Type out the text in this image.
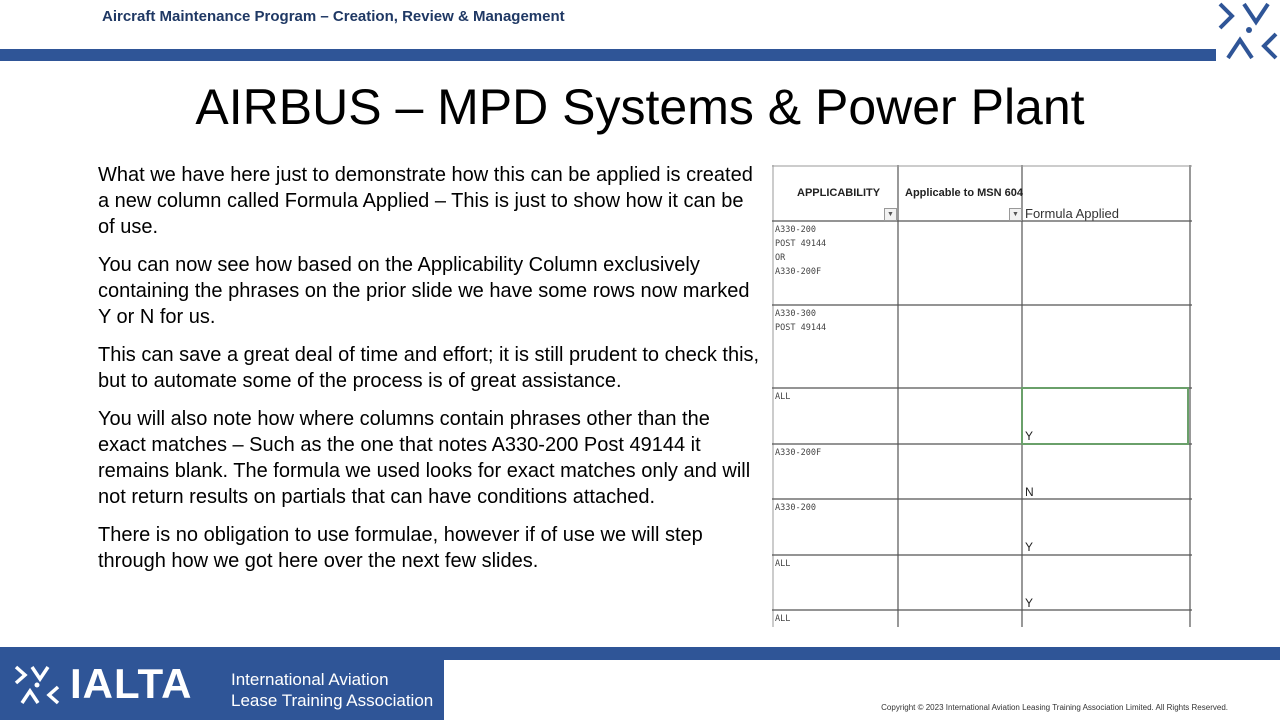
Aircraft Maintenance Program – Creation, Review & Management
AIRBUS – MPD Systems & Power Plant

What we have here just to demonstrate how this can be applied is created a new column called Formula Applied – This is just to show how it can be of use.

You can now see how based on the Applicability Column exclusively containing the phrases on the prior slide we have some rows now marked Y or N for us.

This can save a great deal of time and effort; it is still prudent to check this, but to automate some of the process is of great assistance.

You will also note how where columns contain phrases other than the exact matches – Such as the one that notes A330-200 Post 49144 it remains blank. The formula we used looks for exact matches only and will not return results on partials that can have conditions attached.

There is no obligation to use formulae, however if of use we will step through how we got here over the next few slides.

APPLICABILITY
▼
Applicable to MSN 604
▼ Formula Applied
A330-200
POST 49144
OR
A330-200F
A330-300
POST 49144
ALL
A330-200F
A330-200
ALL
ALL
Y
N
Y
Y
IALTA International Aviation
Lease Training Association	Copyright © 2023 International Aviation Leasing Training Association Limited. All Rights Reserved.
